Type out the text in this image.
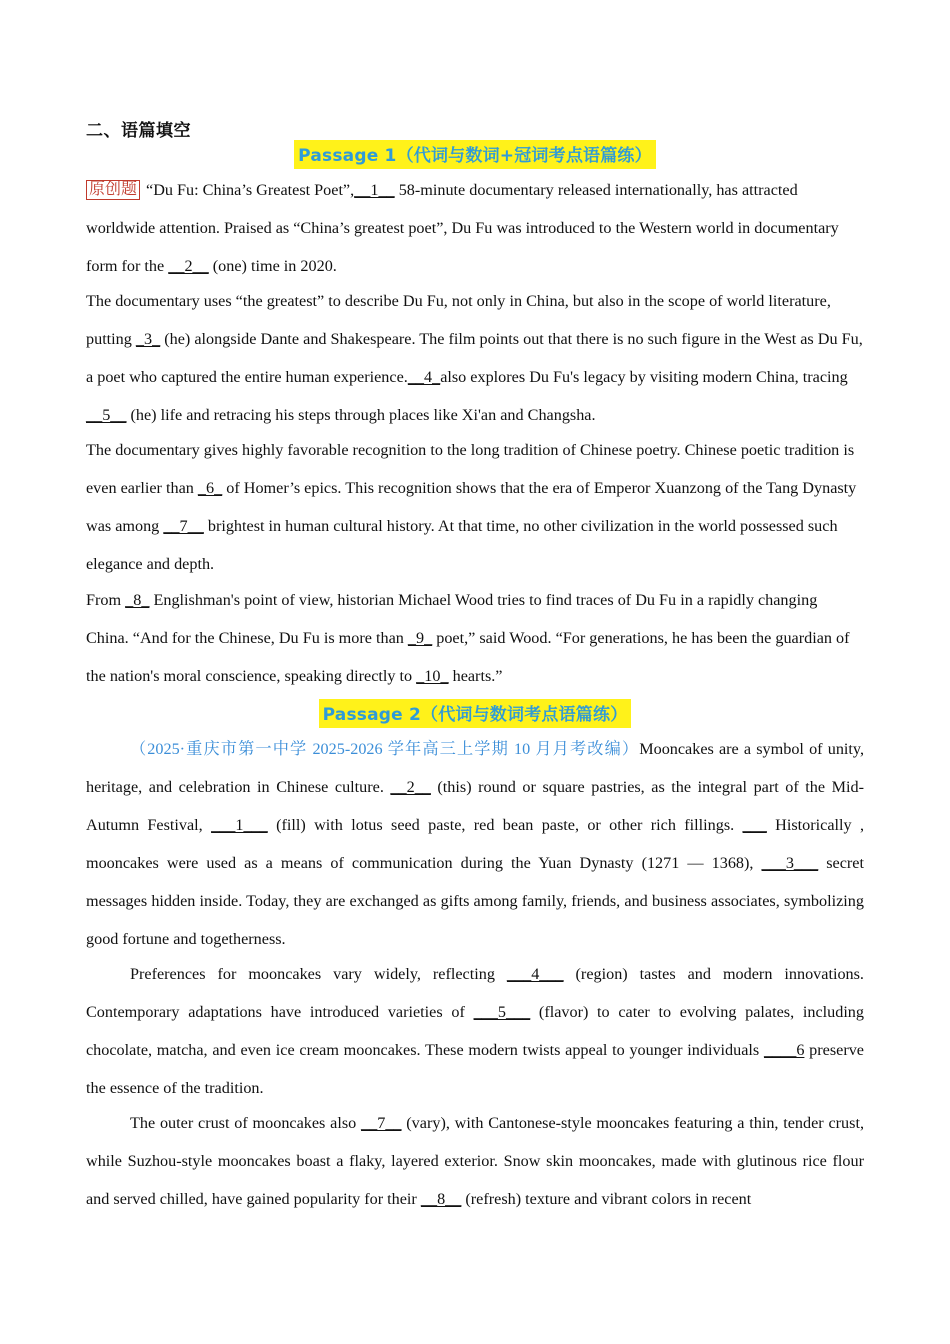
二、语篇填空
Passage 1（代词与数词+冠词考点语篇练）
原创题 “Du Fu: China’s Greatest Poet”,__1__ 58-minute documentary released internationally, has attracted worldwide attention. Praised as “China’s greatest poet”, Du Fu was introduced to the Western world in documentary form for the __2__ (one) time in 2020.
The documentary uses “the greatest” to describe Du Fu, not only in China, but also in the scope of world literature, putting _3_ (he) alongside Dante and Shakespeare. The film points out that there is no such figure in the West as Du Fu, a poet who captured the entire human experience.__4_also explores Du Fu's legacy by visiting modern China, tracing __5__ (he) life and retracing his steps through places like Xi'an and Changsha.
The documentary gives highly favorable recognition to the long tradition of Chinese poetry. Chinese poetic tradition is even earlier than _6_ of Homer’s epics. This recognition shows that the era of Emperor Xuanzong of the Tang Dynasty was among __7__ brightest in human cultural history. At that time, no other civilization in the world possessed such elegance and depth.
From _8_ Englishman's point of view, historian Michael Wood tries to find traces of Du Fu in a rapidly changing China. “And for the Chinese, Du Fu is more than _9_ poet,” said Wood. “For generations, he has been the guardian of the nation's moral conscience, speaking directly to _10_ hearts.”
Passage 2（代词与数词考点语篇练）
（2025·重庆市第一中学 2025-2026 学年高三上学期 10 月月考改编）Mooncakes are a symbol of unity, heritage, and celebration in Chinese culture. __2__ (this) round or square pastries, as the integral part of the Mid-Autumn Festival, ___1___ (fill) with lotus seed paste, red bean paste, or other rich fillings. ___ Historically , mooncakes were used as a means of communication during the Yuan Dynasty (1271 — 1368), ___3___ secret messages hidden inside. Today, they are exchanged as gifts among family, friends, and business associates, symbolizing good fortune and togetherness.
Preferences for mooncakes vary widely, reflecting ___4___ (region) tastes and modern innovations. Contemporary adaptations have introduced varieties of ___5___ (flavor) to cater to evolving palates, including chocolate, matcha, and even ice cream mooncakes. These modern twists appeal to younger individuals ____6 preserve the essence of the tradition.
The outer crust of mooncakes also __7__ (vary), with Cantonese-style mooncakes featuring a thin, tender crust, while Suzhou-style mooncakes boast a flaky, layered exterior. Snow skin mooncakes, made with glutinous rice flour and served chilled, have gained popularity for their __8__ (refresh) texture and vibrant colors in recent
